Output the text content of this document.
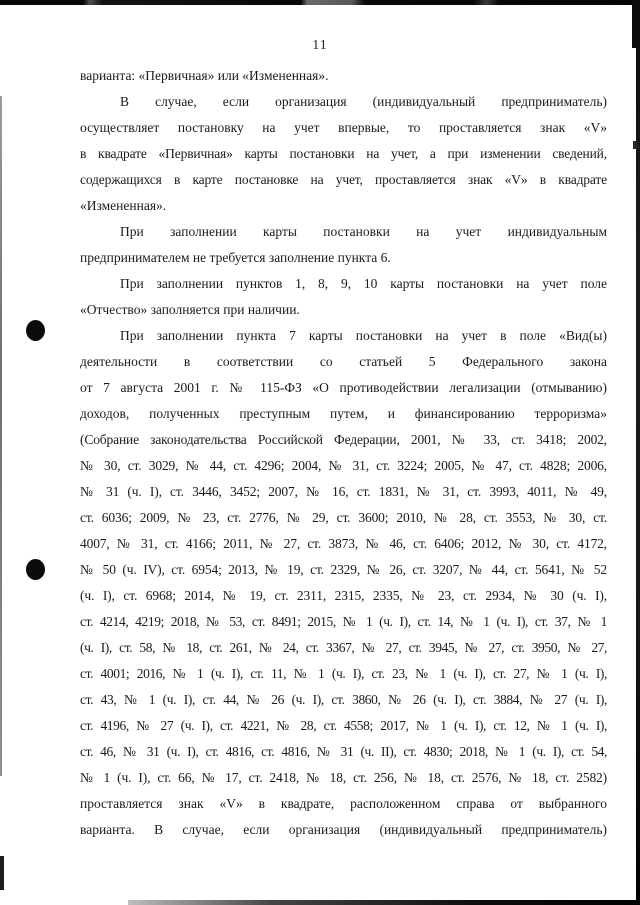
11
варианта: «Первичная» или «Измененная».
В случае, если организация (индивидуальный предприниматель)
осуществляет постановку на учет впервые, то проставляется знак «V»
в квадрате «Первичная» карты постановки на учет, а при изменении сведений,
содержащихся в карте постановке на учет, проставляется знак «V» в квадрате
«Измененная».
При заполнении карты постановки на учет индивидуальным
предпринимателем не требуется заполнение пункта 6.
При заполнении пунктов 1, 8, 9, 10 карты постановки на учет поле
«Отчество» заполняется при наличии.
При заполнении пункта 7 карты постановки на учет в поле «Вид(ы)
деятельности в соответствии со статьей 5 Федерального закона
от 7 августа 2001 г. № 115-ФЗ «О противодействии легализации (отмыванию)
доходов, полученных преступным путем, и финансированию терроризма»
(Собрание законодательства Российской Федерации, 2001, № 33, ст. 3418; 2002,
№ 30, ст. 3029, № 44, ст. 4296; 2004, № 31, ст. 3224; 2005, № 47, ст. 4828; 2006,
№ 31 (ч. I), ст. 3446, 3452; 2007, № 16, ст. 1831, № 31, ст. 3993, 4011, № 49,
ст. 6036; 2009, № 23, ст. 2776, № 29, ст. 3600; 2010, № 28, ст. 3553, № 30, ст.
4007, № 31, ст. 4166; 2011, № 27, ст. 3873, № 46, ст. 6406; 2012, № 30, ст. 4172,
№ 50 (ч. IV), ст. 6954; 2013, № 19, ст. 2329, № 26, ст. 3207, № 44, ст. 5641, № 52
(ч. I), ст. 6968; 2014, № 19, ст. 2311, 2315, 2335, № 23, ст. 2934, № 30 (ч. I),
ст. 4214, 4219; 2018, № 53, ст. 8491; 2015, № 1 (ч. I), ст. 14, № 1 (ч. I), ст. 37, № 1
(ч. I), ст. 58, № 18, ст. 261, № 24, ст. 3367, № 27, ст. 3945, № 27, ст. 3950, № 27,
ст. 4001; 2016, № 1 (ч. I), ст. 11, № 1 (ч. I), ст. 23, № 1 (ч. I), ст. 27, № 1 (ч. I),
ст. 43, № 1 (ч. I), ст. 44, № 26 (ч. I), ст. 3860, № 26 (ч. I), ст. 3884, № 27 (ч. I),
ст. 4196, № 27 (ч. I), ст. 4221, № 28, ст. 4558; 2017, № 1 (ч. I), ст. 12, № 1 (ч. I),
ст. 46, № 31 (ч. I), ст. 4816, ст. 4816, № 31 (ч. II), ст. 4830; 2018, № 1 (ч. I), ст. 54,
№ 1 (ч. I), ст. 66, № 17, ст. 2418, № 18, ст. 256, № 18, ст. 2576, № 18, ст. 2582)
проставляется знак «V» в квадрате, расположенном справа от выбранного
варианта. В случае, если организация (индивидуальный предприниматель)
